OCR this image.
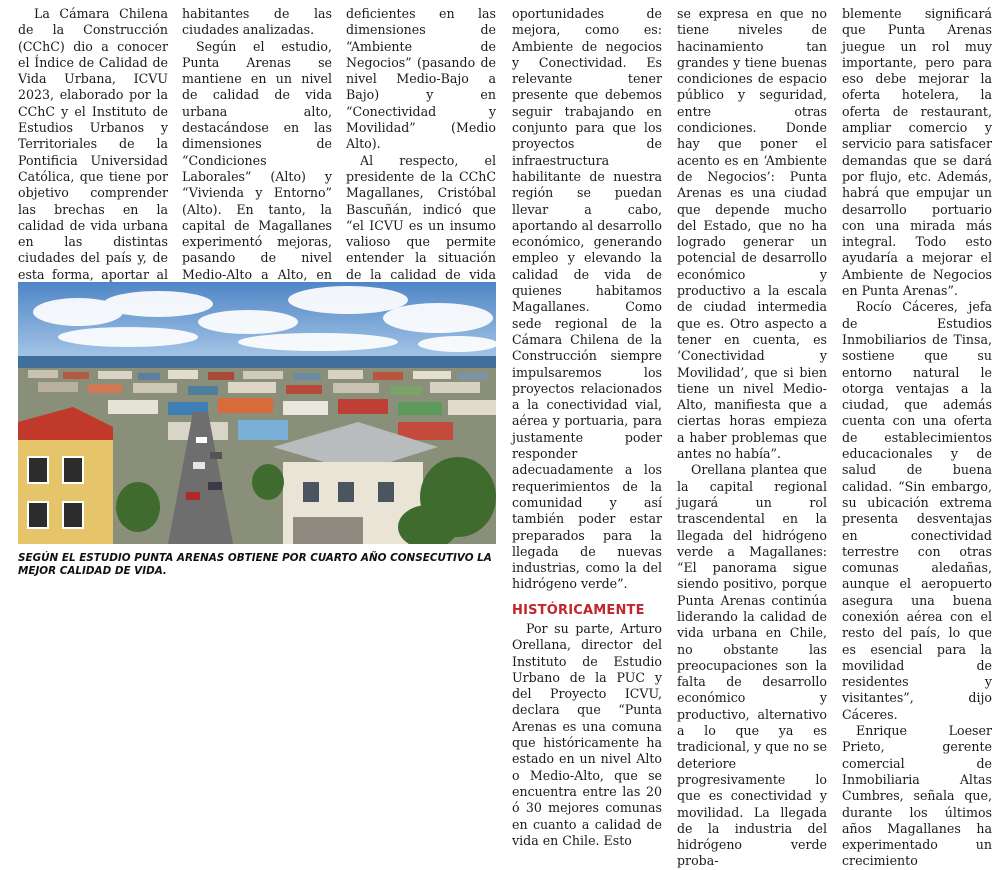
La Cámara Chilena de la Construcción (CChC) dio a conocer el Índice de Calidad de Vida Urbana, ICVU 2023, elaborado por la CChC y el Instituto de Estudios Urbanos y Territoriales de la Pontificia Universidad Católica, que tiene por objetivo comprender las brechas en la calidad de vida urbana en las distintas ciudades del país y, de esta forma, aportar al

habitantes de las ciudades analizadas.

Según el estudio, Punta Arenas se mantiene en un nivel de calidad de vida urbana alto, destacándose en las dimensiones de “Condiciones Laborales” (Alto) y “Vivienda y Entorno” (Alto). En tanto, la capital de Magallanes experimentó mejoras, pasando de nivel Medio-Alto a Alto, en

deficientes en las dimensiones de “Ambiente de Negocios” (pasando de nivel Medio-Bajo a Bajo) y en “Conectividad y Movilidad” (Medio Alto).

Al respecto, el presidente de la CChC Magallanes, Cristóbal Bascuñán, indicó que “el ICVU es un insumo valioso que permite entender la situación de la calidad de vida

oportunidades de mejora, como es: Ambiente de negocios y Conectividad. Es relevante tener presente que debemos seguir trabajando en conjunto para que los proyectos de infraestructura habilitante de nuestra región se puedan llevar a cabo, aportando al desarrollo económico, generando empleo y elevando la calidad de vida de quienes habitamos Magallanes. Como sede regional de la Cámara Chilena de la Construcción siempre impulsaremos los proyectos relacionados a la conectividad vial, aérea y portuaria, para justamente poder responder adecuadamente a los requerimientos de la comunidad y así también poder estar preparados para la llegada de nuevas industrias, como la del hidrógeno verde”.

HISTÓRICAMENTE

Por su parte, Arturo Orellana, director del Instituto de Estudio Urbano de la PUC y del Proyecto ICVU, declara que “Punta Arenas es una comuna que históricamente ha estado en un nivel Alto o Medio-Alto, que se encuentra entre las 20 ó 30 mejores comunas en cuanto a calidad de vida en Chile. Esto

se expresa en que no tiene niveles de hacinamiento tan grandes y tiene buenas condiciones de espacio público y seguridad, entre otras condiciones. Donde hay que poner el acento es en ‘Ambiente de Negocios’: Punta Arenas es una ciudad que depende mucho del Estado, que no ha logrado generar un potencial de desarrollo económico y productivo a la escala de ciudad intermedia que es. Otro aspecto a tener en cuenta, es ‘Conectividad y Movilidad’, que si bien tiene un nivel Medio-Alto, manifiesta que a ciertas horas empieza a haber problemas que antes no había”.

Orellana plantea que la capital regional jugará un rol trascendental en la llegada del hidrógeno verde a Magallanes: “El panorama sigue siendo positivo, porque Punta Arenas continúa liderando la calidad de vida urbana en Chile, no obstante las preocupaciones son la falta de desarrollo económico y productivo, alternativo a lo que ya es tradicional, y que no se deteriore progresivamente lo que es conectividad y movilidad. La llegada de la industria del hidrógeno verde proba-

blemente significará que Punta Arenas juegue un rol muy importante, pero para eso debe mejorar la oferta hotelera, la oferta de restaurant, ampliar comercio y servicio para satisfacer demandas que se dará por flujo, etc. Además, habrá que empujar un desarrollo portuario con una mirada más integral. Todo esto ayudaría a mejorar el Ambiente de Negocios en Punta Arenas”.

Rocío Cáceres, jefa de Estudios Inmobiliarios de Tinsa, sostiene que su entorno natural le otorga ventajas a la ciudad, que además cuenta con una oferta de establecimientos educacionales y de salud de buena calidad. “Sin embargo, su ubicación extrema presenta desventajas en conectividad terrestre con otras comunas aledañas, aunque el aeropuerto asegura una buena conexión aérea con el resto del país, lo que es esencial para la movilidad de residentes y visitantes”, dijo Cáceres.

Enrique Loeser Prieto, gerente comercial de Inmobiliaria Altas Cumbres, señala que, durante los últimos años Magallanes ha experimentado un crecimiento

SEGÚN EL ESTUDIO PUNTA ARENAS OBTIENE POR CUARTO AÑO CONSECUTIVO LA MEJOR CALIDAD DE VIDA.
